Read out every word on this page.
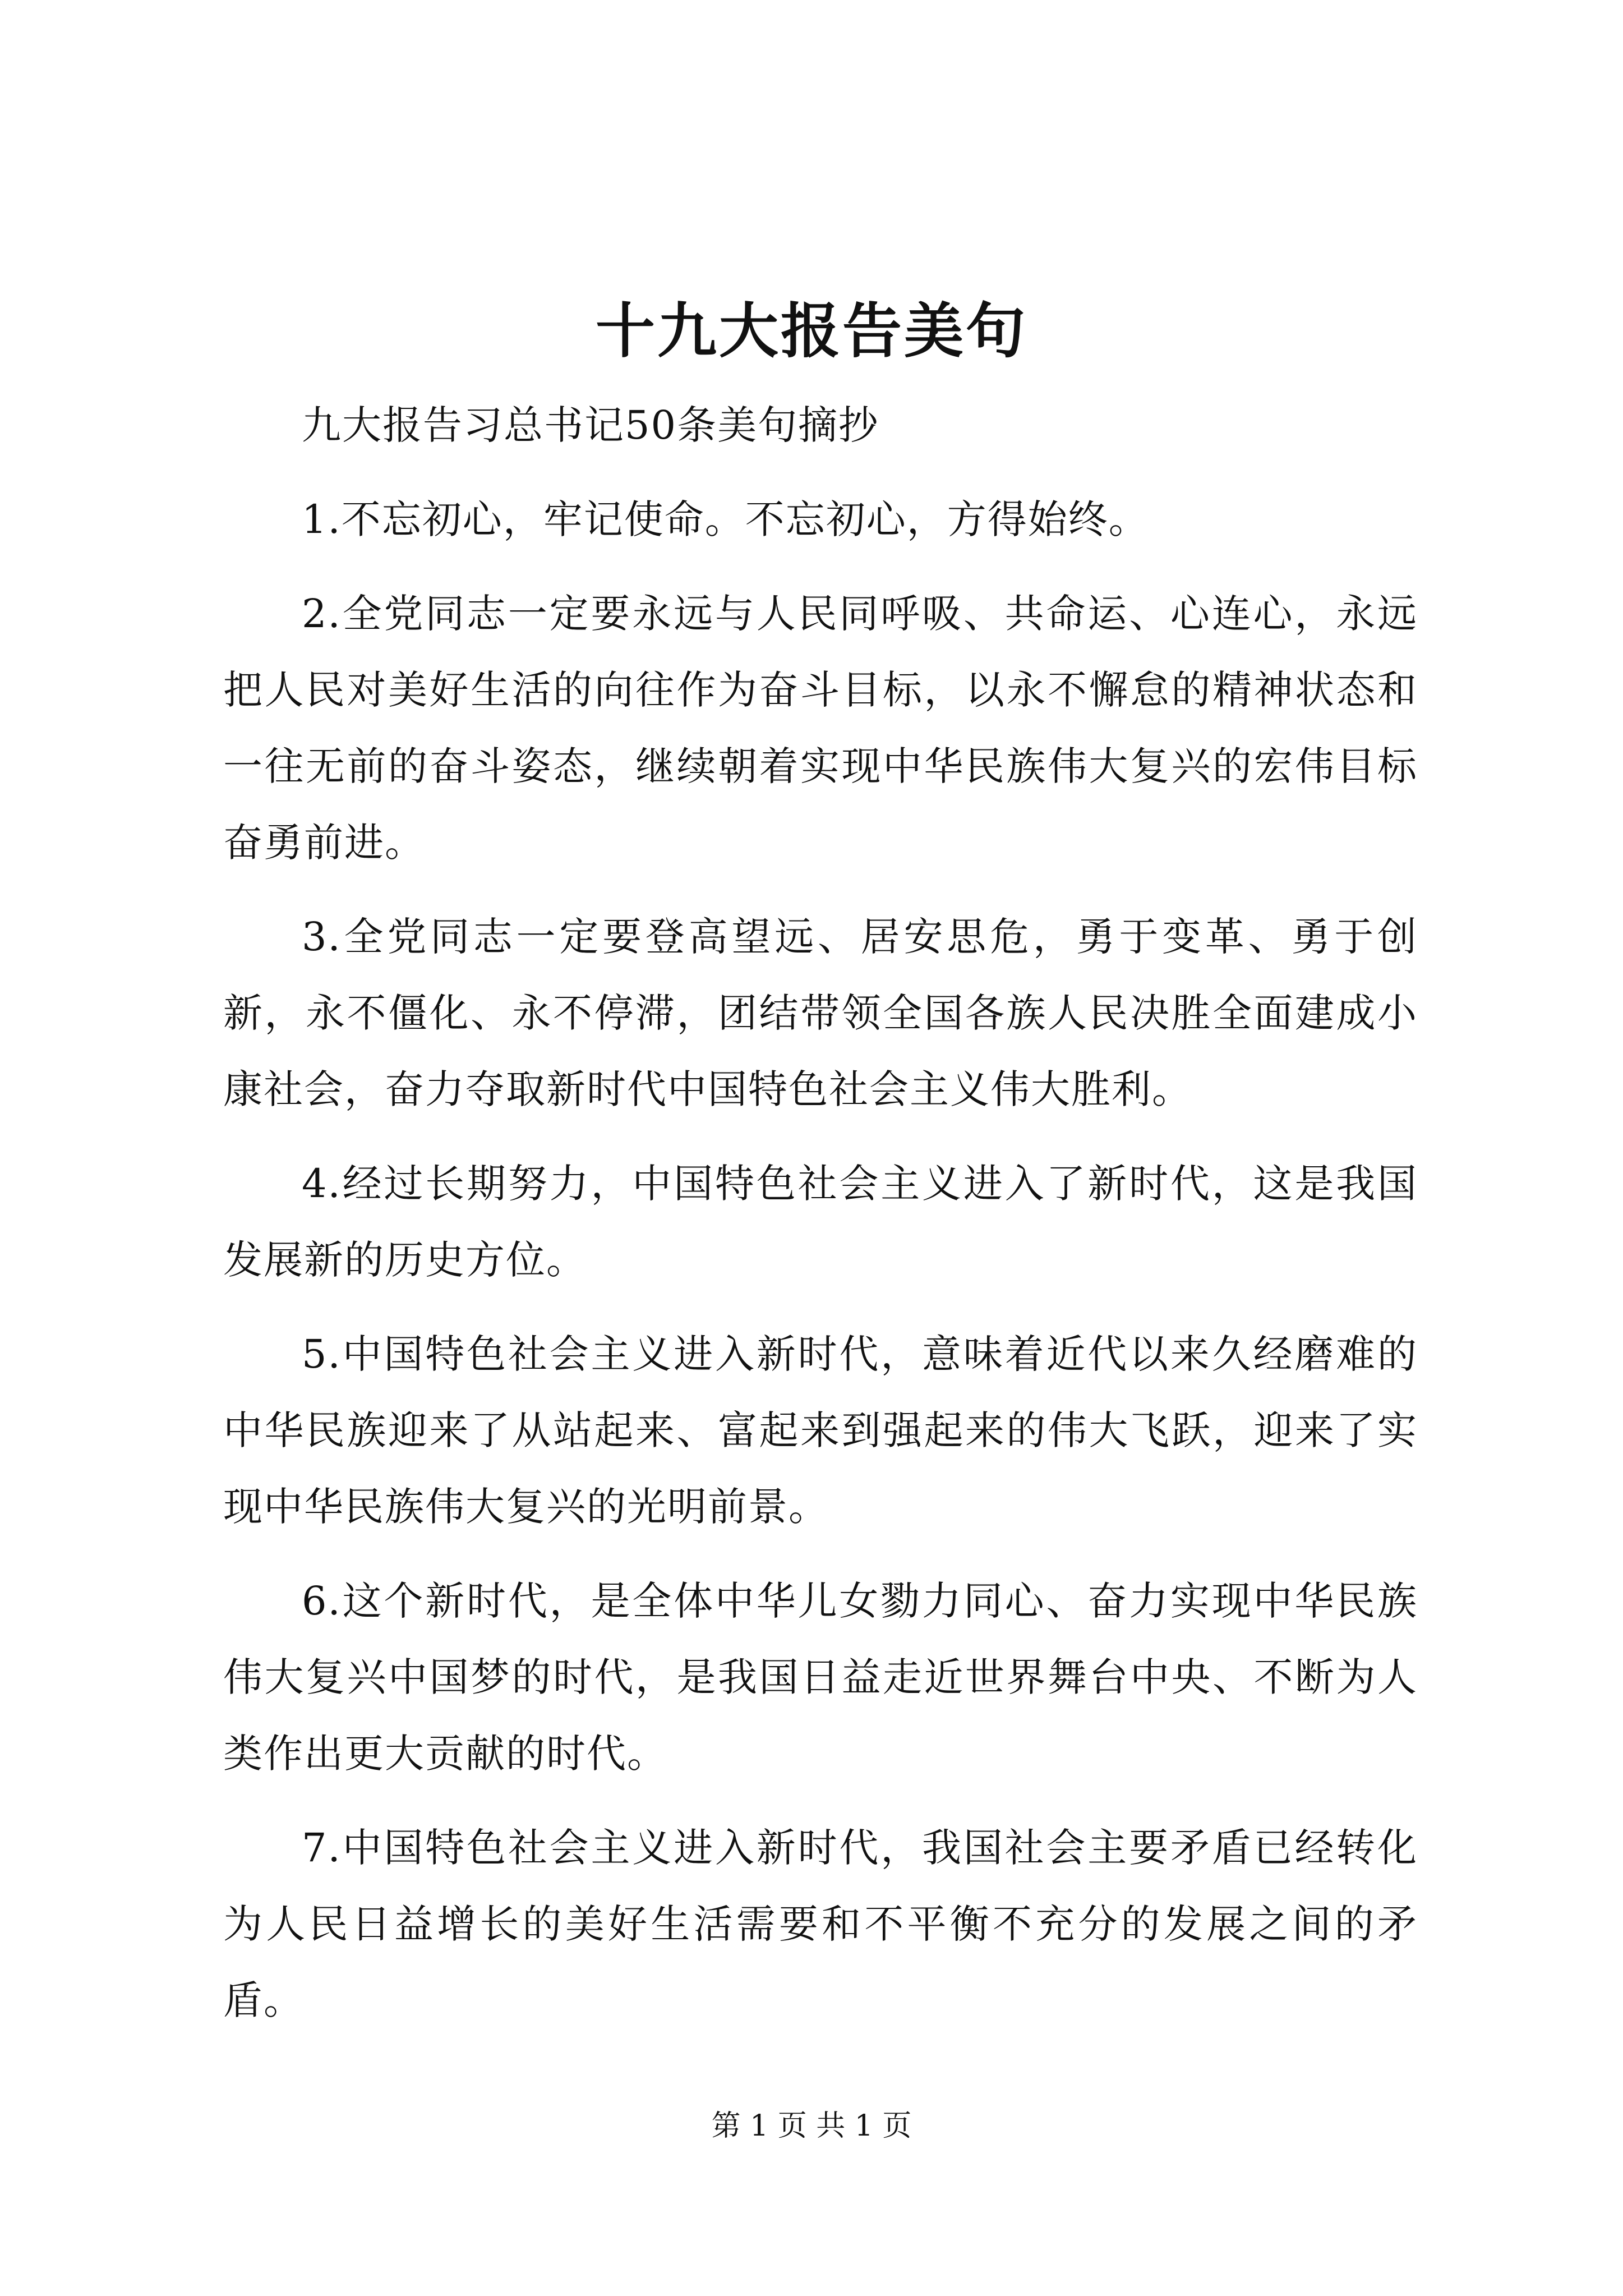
十九大报告美句

九大报告习总书记50条美句摘抄

1.不忘初心，牢记使命。不忘初心，方得始终。

2.全党同志一定要永远与人民同呼吸、共命运、心连心，永远把人民对美好生活的向往作为奋斗目标，以永不懈怠的精神状态和一往无前的奋斗姿态，继续朝着实现中华民族伟大复兴的宏伟目标奋勇前进。

3.全党同志一定要登高望远、居安思危，勇于变革、勇于创新，永不僵化、永不停滞，团结带领全国各族人民决胜全面建成小康社会，奋力夺取新时代中国特色社会主义伟大胜利。

4.经过长期努力，中国特色社会主义进入了新时代，这是我国发展新的历史方位。

5.中国特色社会主义进入新时代，意味着近代以来久经磨难的中华民族迎来了从站起来、富起来到强起来的伟大飞跃，迎来了实现中华民族伟大复兴的光明前景。

6.这个新时代，是全体中华儿女勠力同心、奋力实现中华民族伟大复兴中国梦的时代，是我国日益走近世界舞台中央、不断为人类作出更大贡献的时代。

7.中国特色社会主义进入新时代，我国社会主要矛盾已经转化为人民日益增长的美好生活需要和不平衡不充分的发展之间的矛盾。

第 1 页 共 1 页
